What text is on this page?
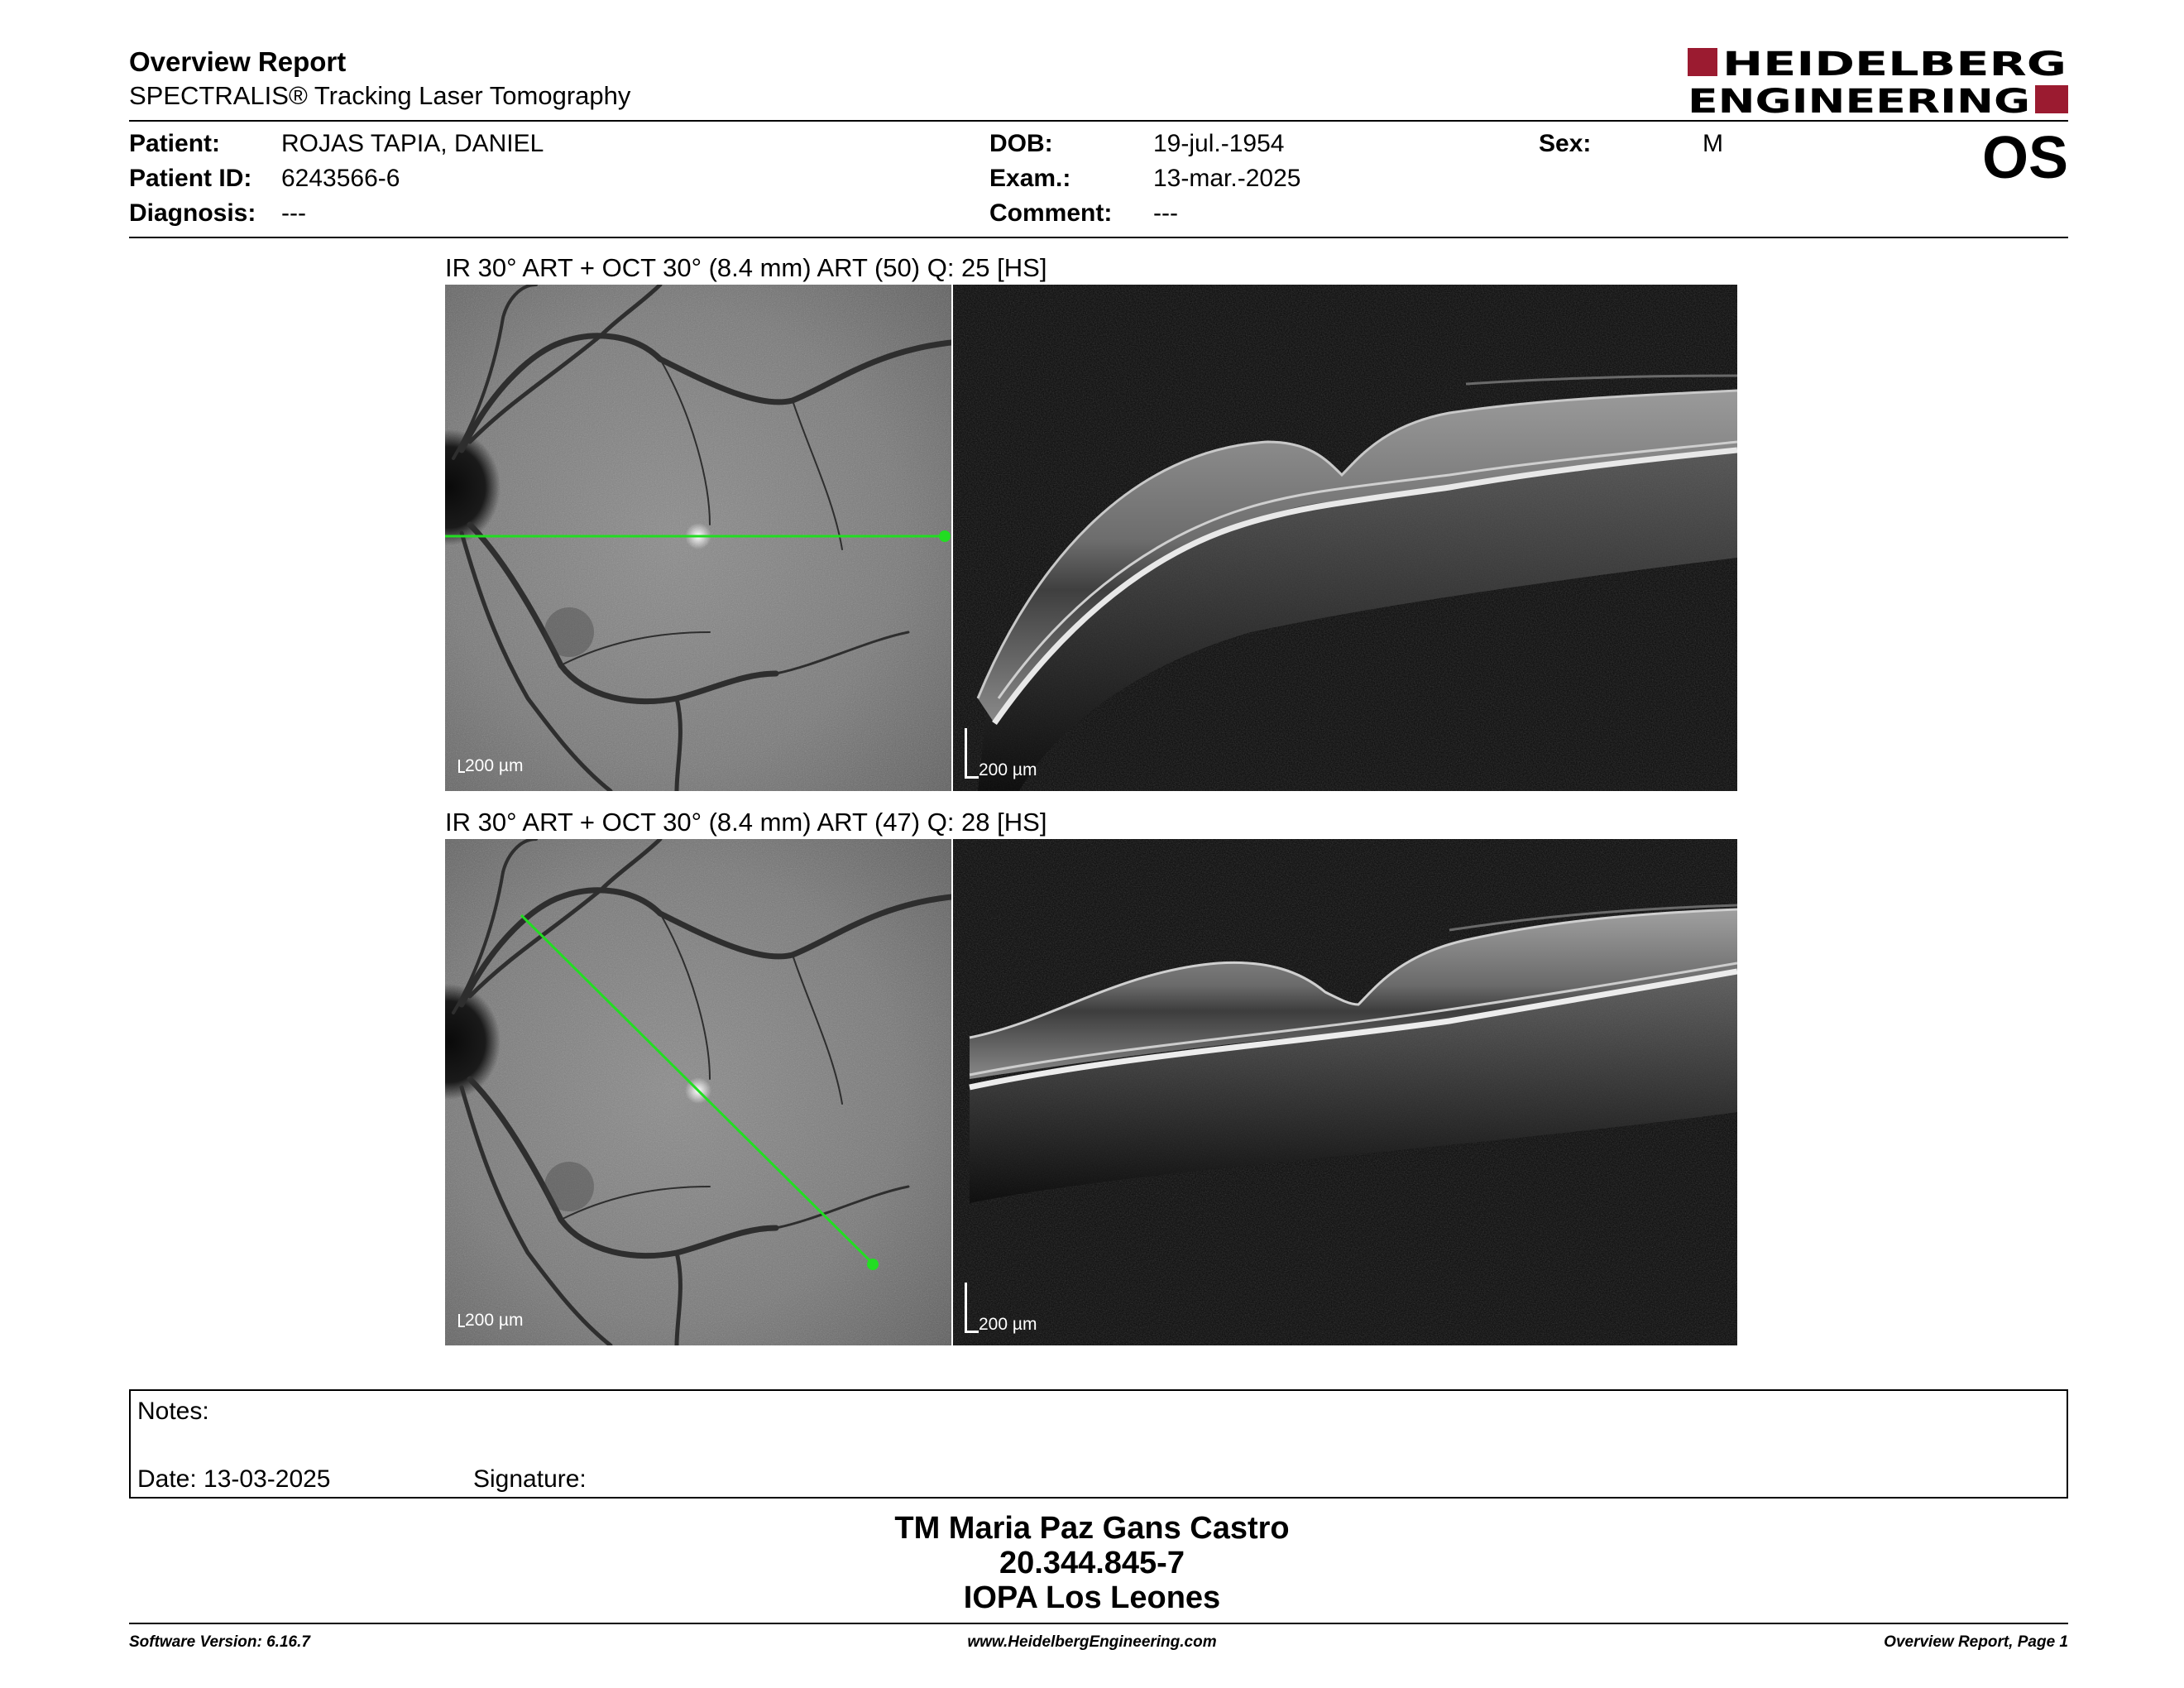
Overview Report
SPECTRALIS® Tracking Laser Tomography
HEIDELBERG
ENGINEERING
Patient: ROJAS TAPIA, DANIEL
Patient ID: 6243566-6
Diagnosis: ---
DOB:	19-jul.-1954
Exam.:	13-mar.-2025
Comment: ---
Sex:	M	OS
IR 30° ART + OCT 30° (8.4 mm) ART (50) Q: 25 [HS]
200 µm	200 µm
IR 30° ART + OCT 30° (8.4 mm) ART (47) Q: 28 [HS]
200 µm	200 µm
Notes:
Date: 13-03-2025	Signature:
TM Maria Paz Gans Castro
20.344.845-7
IOPA Los Leones
Software Version: 6.16.7	www.HeidelbergEngineering.com	Overview Report, Page 1
